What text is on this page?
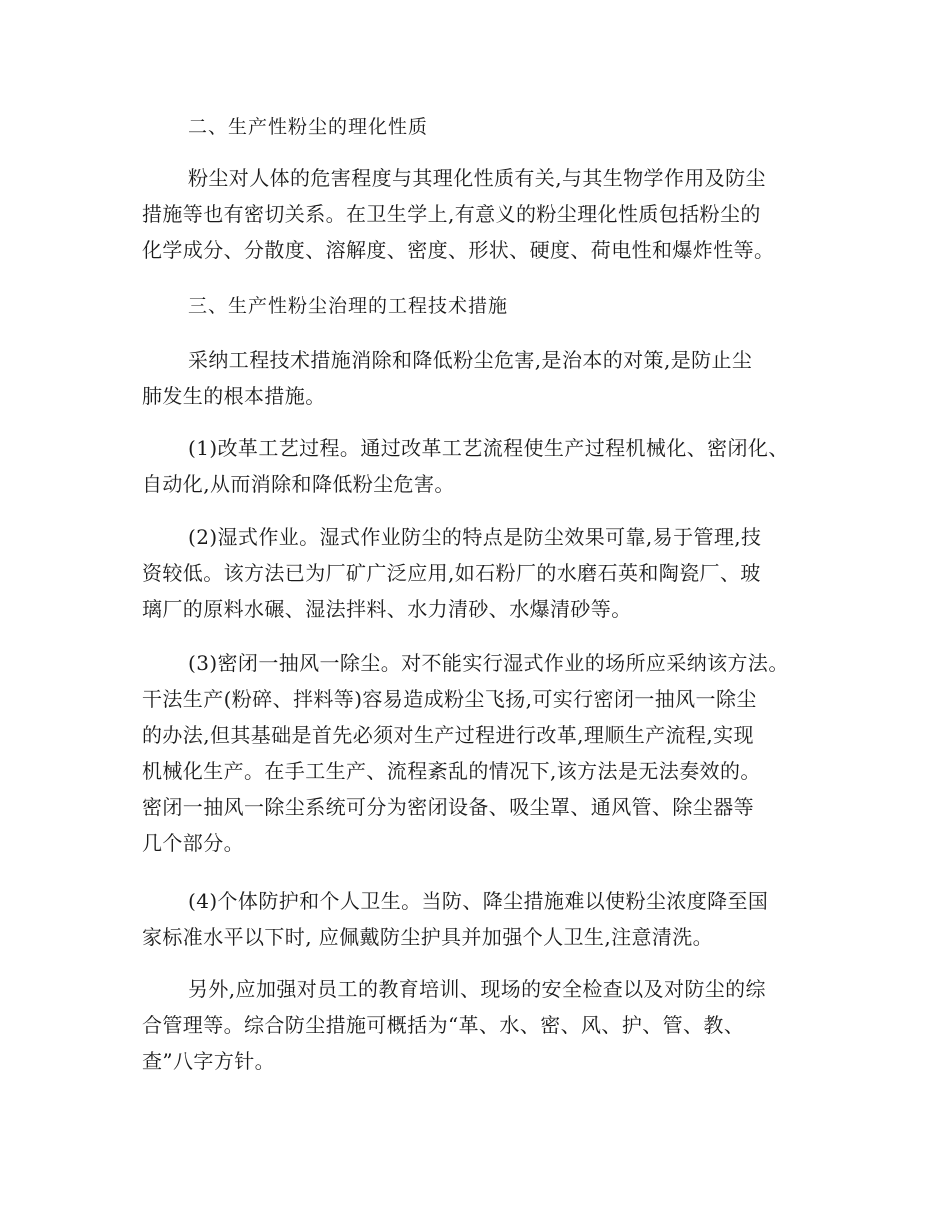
二、生产性粉尘的理化性质
粉尘对人体的危害程度与其理化性质有关,与其生物学作用及防尘
措施等也有密切关系。在卫生学上,有意义的粉尘理化性质包括粉尘的
化学成分、分散度、溶解度、密度、形状、硬度、荷电性和爆炸性等。
三、生产性粉尘治理的工程技术措施
采纳工程技术措施消除和降低粉尘危害,是治本的对策,是防止尘
肺发生的根本措施。
(1)改革工艺过程。通过改革工艺流程使生产过程机械化、密闭化、
自动化,从而消除和降低粉尘危害。
(2)湿式作业。湿式作业防尘的特点是防尘效果可靠,易于管理,技
资较低。该方法已为厂矿广泛应用,如石粉厂的水磨石英和陶瓷厂、玻
璃厂的原料水碾、湿法拌料、水力清砂、水爆清砂等。
(3)密闭一抽风一除尘。对不能实行湿式作业的场所应采纳该方法。
干法生产(粉碎、拌料等)容易造成粉尘飞扬,可实行密闭一抽风一除尘
的办法,但其基础是首先必须对生产过程进行改革,理顺生产流程,实现
机械化生产。在手工生产、流程紊乱的情况下,该方法是无法奏效的。
密闭一抽风一除尘系统可分为密闭设备、吸尘罩、通风管、除尘器等
几个部分。
(4)个体防护和个人卫生。当防、降尘措施难以使粉尘浓度降至国
家标准水平以下时, 应佩戴防尘护具并加强个人卫生,注意清洗。
另外,应加强对员工的教育培训、现场的安全检查以及对防尘的综
合管理等。综合防尘措施可概括为“革、水、密、风、护、管、教、
查”八字方针。
